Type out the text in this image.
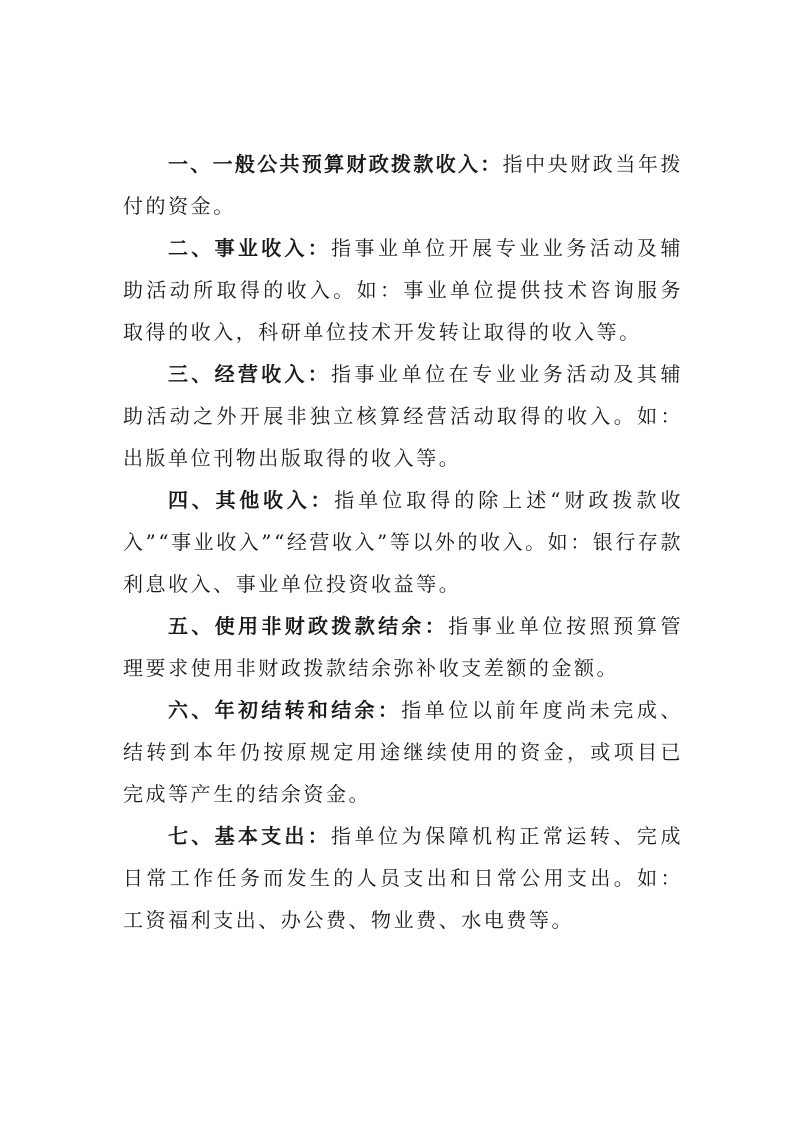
一、一般公共预算财政拨款收入：指中央财政当年拨付的资金。

二、事业收入：指事业单位开展专业业务活动及辅助活动所取得的收入。如：事业单位提供技术咨询服务取得的收入，科研单位技术开发转让取得的收入等。

三、经营收入：指事业单位在专业业务活动及其辅助活动之外开展非独立核算经营活动取得的收入。如：出版单位刊物出版取得的收入等。

四、其他收入：指单位取得的除上述“财政拨款收入”“事业收入”“经营收入”等以外的收入。如：银行存款利息收入、事业单位投资收益等。

五、使用非财政拨款结余：指事业单位按照预算管理要求使用非财政拨款结余弥补收支差额的金额。

六、年初结转和结余：指单位以前年度尚未完成、结转到本年仍按原规定用途继续使用的资金，或项目已完成等产生的结余资金。

七、基本支出：指单位为保障机构正常运转、完成日常工作任务而发生的人员支出和日常公用支出。如：工资福利支出、办公费、物业费、水电费等。
